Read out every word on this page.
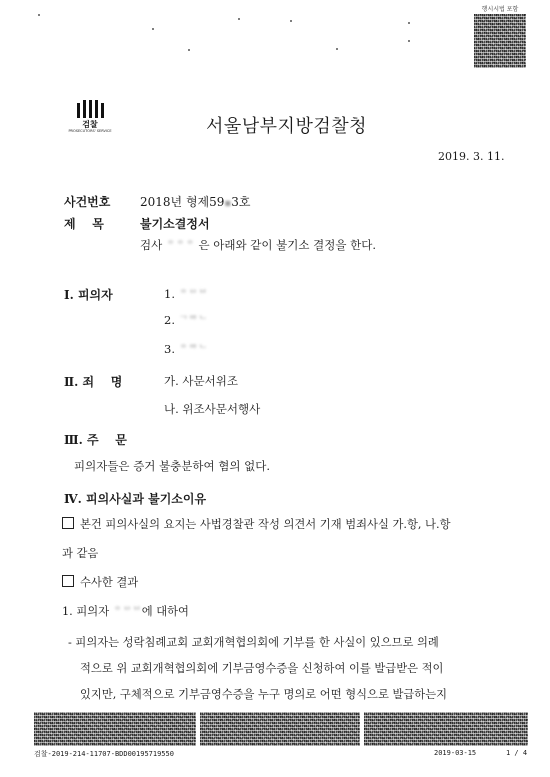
행시시법 포함
검찰
PROSECUTORS' SERVICE	서울남부지방검찰청
2019. 3. 11.
사건번호 2018년 형제59▪3호
제    목	불기소결정서
검사 ᄋᄋᄋ 은 아래와 같이 불기소 결정을 한다.
Ⅰ. 피의자	1. ᄋᄆᄇ
2. ᄀᄋᄒᄂ
3. ᄋᄋᄒᄂ
Ⅱ. 죄    명	가. 사문서위조
나. 위조사문서행사
Ⅲ. 주    문
피의자들은 증거 불충분하여 혐의 없다.
Ⅳ. 피의사실과 불기소이유
본건 피의사실의 요지는 사법경찰관 작성 의견서 기재 범죄사실 가.항, 나.항
과 같음
수사한 결과
1. 피의자 ᄋᄆᄇ에 대하여
- 피의자는 성락침례교회 교회개혁협의회에 기부를 한 사실이 있으므로 의례
적으로 위 교회개혁협의회에 기부금영수증을 신청하여 이를 발급받은 적이
있지만, 구체적으로 기부금영수증을 누구 명의로 어떤 형식으로 발급하는지
검찰-2019-214-11707-BDD00195719550	2019-03-15	1 / 4
